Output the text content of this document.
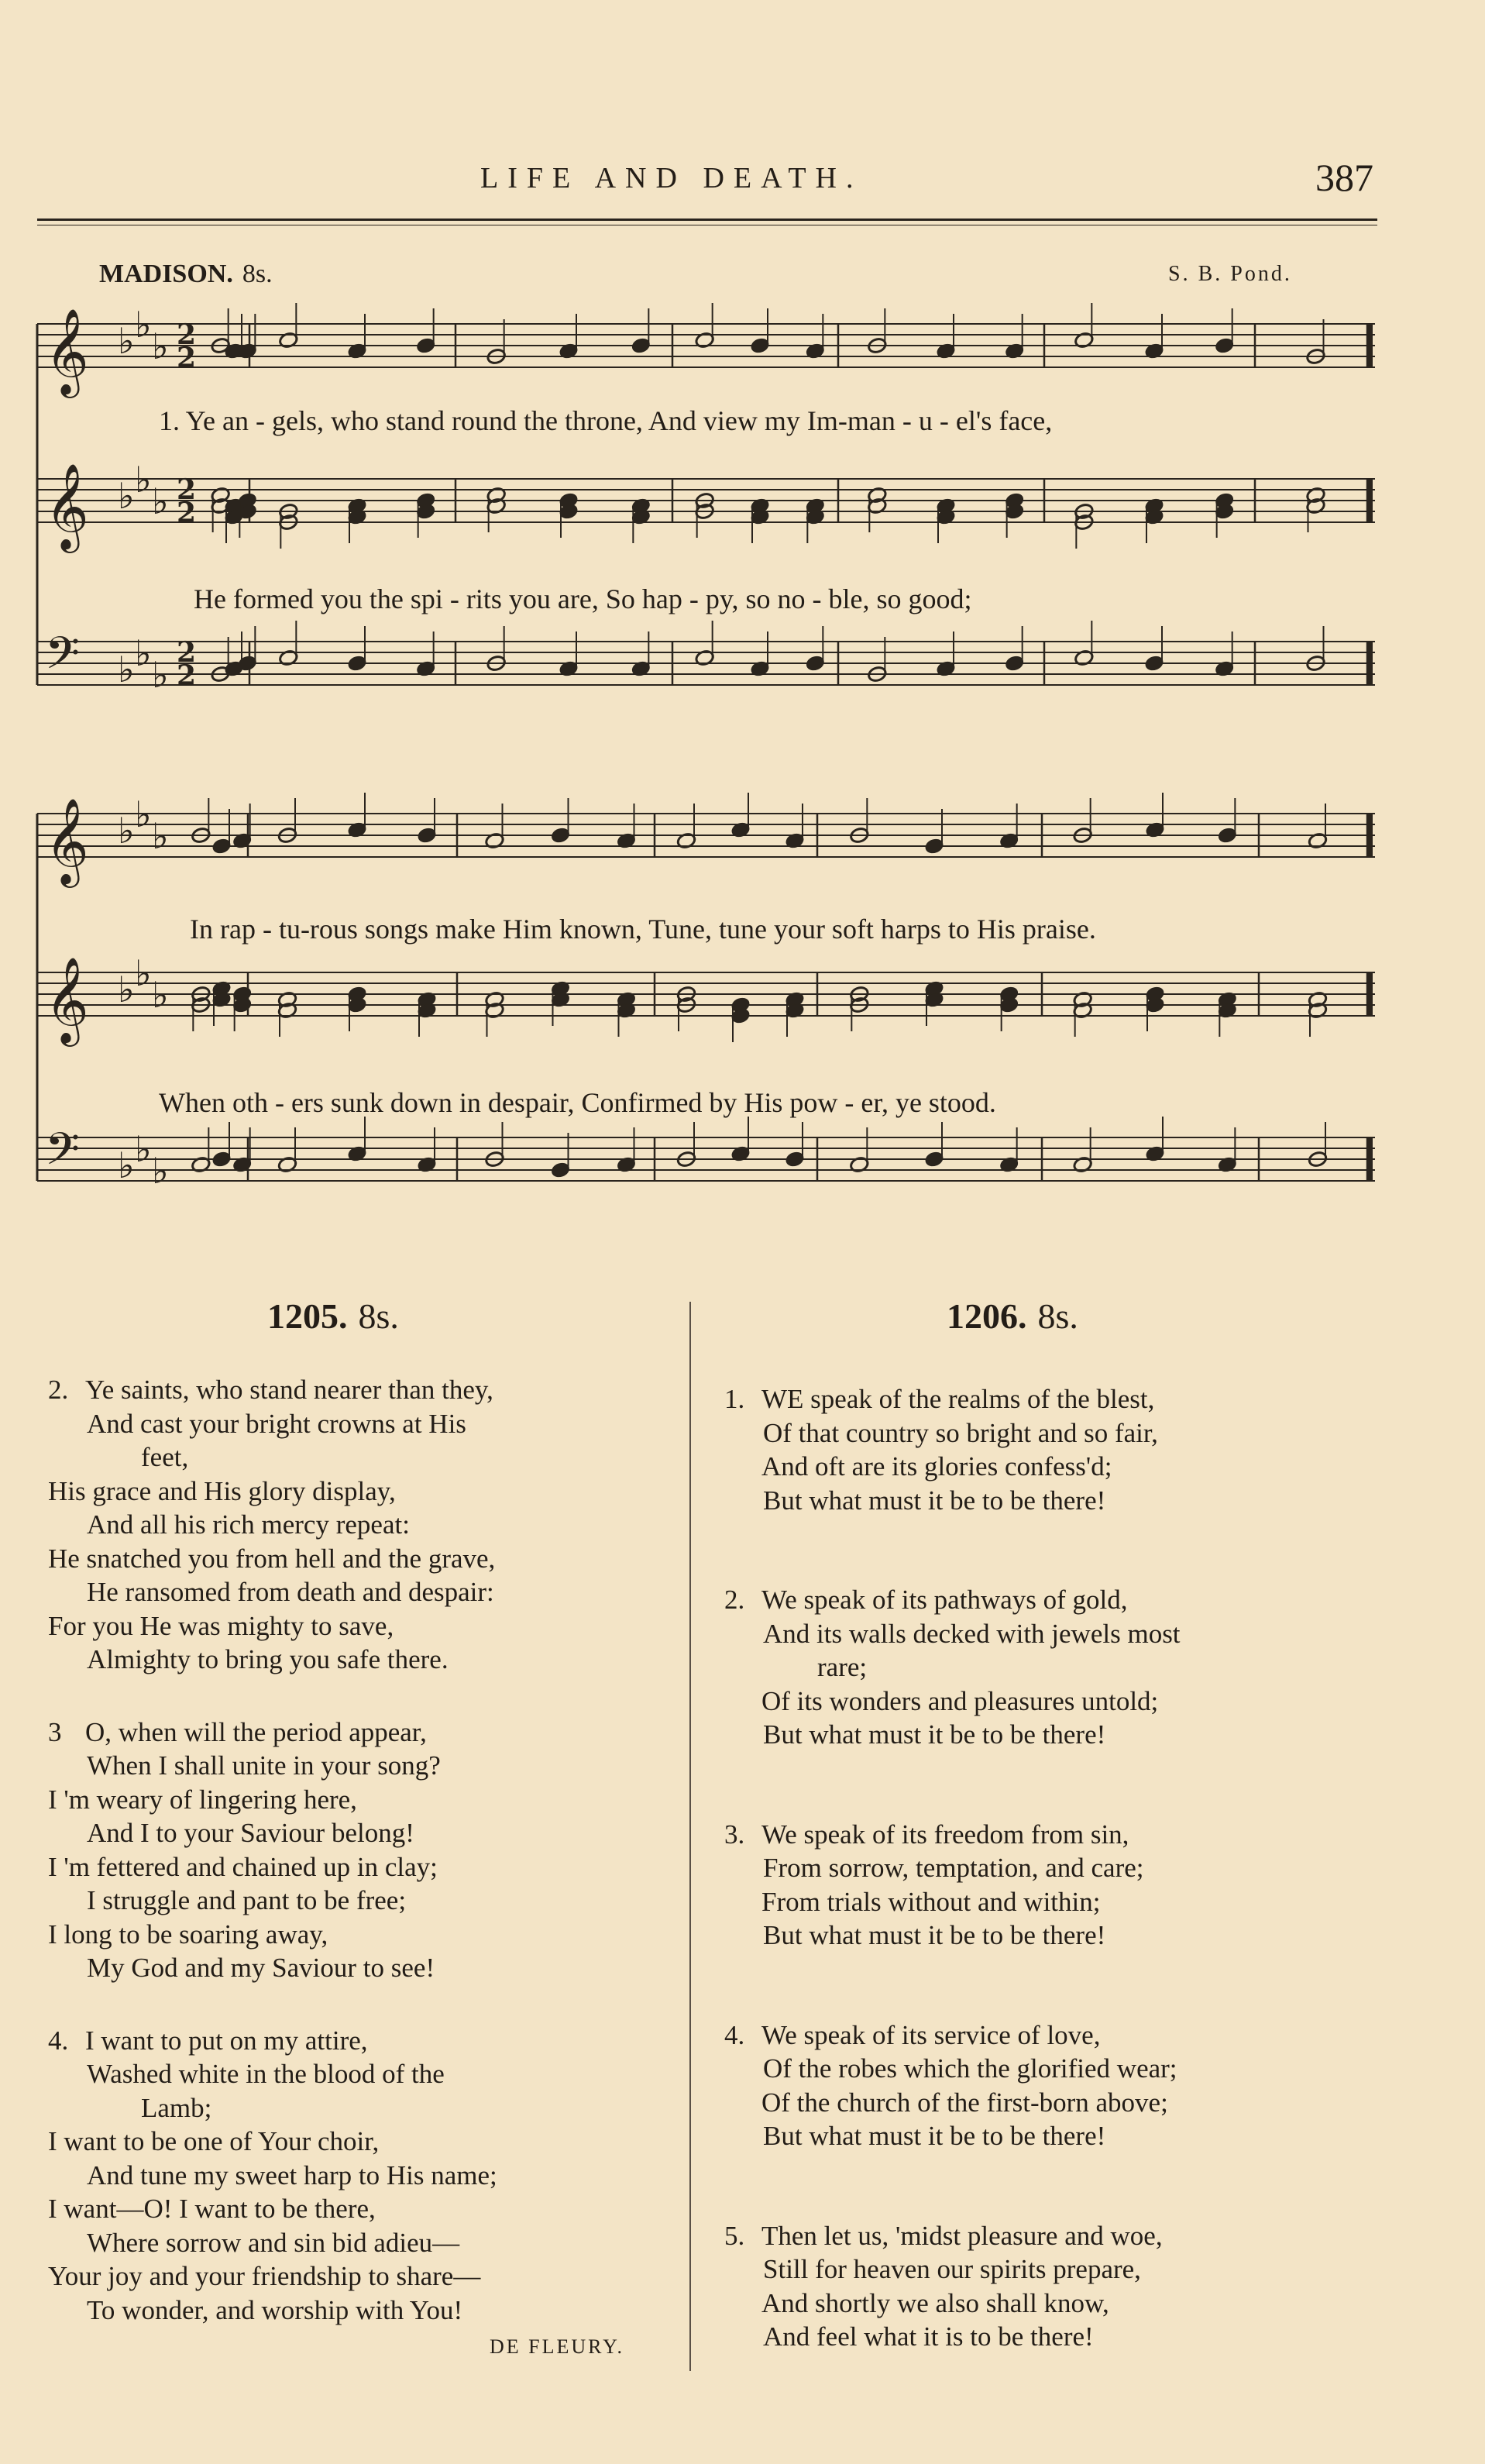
LIFE AND DEATH.	387
MADISON. 8s.	S. B. Pond.
𝄞 ♭ ♭
♭ 2
2
𝄞 ♭ ♭
♭ 2
2
𝄢 ♭ ♭
♭
2
2
𝄞 ♭ ♭
♭
𝄞 ♭ ♭
♭
𝄢 ♭ ♭
♭
1. Ye an - gels, who stand round the throne, And view my Im-man - u - el's face,
He formed you the spi - rits you are, So hap - py, so no - ble, so good;
In rap - tu-rous songs make Him known, Tune, tune your soft harps to His praise.
When oth - ers sunk down in despair, Confirmed by His pow - er, ye stood.
1205. 8s.
2. Ye saints, who stand nearer than they,
And cast your bright crowns at His
feet,
His grace and His glory display,
And all his rich mercy repeat:
He snatched you from hell and the grave,
He ransomed from death and despair:
For you He was mighty to save,
Almighty to bring you safe there.
3 O, when will the period appear,
When I shall unite in your song?
I 'm weary of lingering here,
And I to your Saviour belong!
I 'm fettered and chained up in clay;
I struggle and pant to be free;
I long to be soaring away,
My God and my Saviour to see!
4. I want to put on my attire,
Washed white in the blood of the
Lamb;
I want to be one of Your choir,
And tune my sweet harp to His name;
I want—O! I want to be there,
Where sorrow and sin bid adieu—
Your joy and your friendship to share—
To wonder, and worship with You!
DE FLEURY.
1206. 8s.
1. WE speak of the realms of the blest,
Of that country so bright and so fair,
And oft are its glories confess'd;
But what must it be to be there!
2. We speak of its pathways of gold,
And its walls decked with jewels most
rare;
Of its wonders and pleasures untold;
But what must it be to be there!
3. We speak of its freedom from sin,
From sorrow, temptation, and care;
From trials without and within;
But what must it be to be there!
4. We speak of its service of love,
Of the robes which the glorified wear;
Of the church of the first-born above;
But what must it be to be there!
5. Then let us, 'midst pleasure and woe,
Still for heaven our spirits prepare,
And shortly we also shall know,
And feel what it is to be there!
